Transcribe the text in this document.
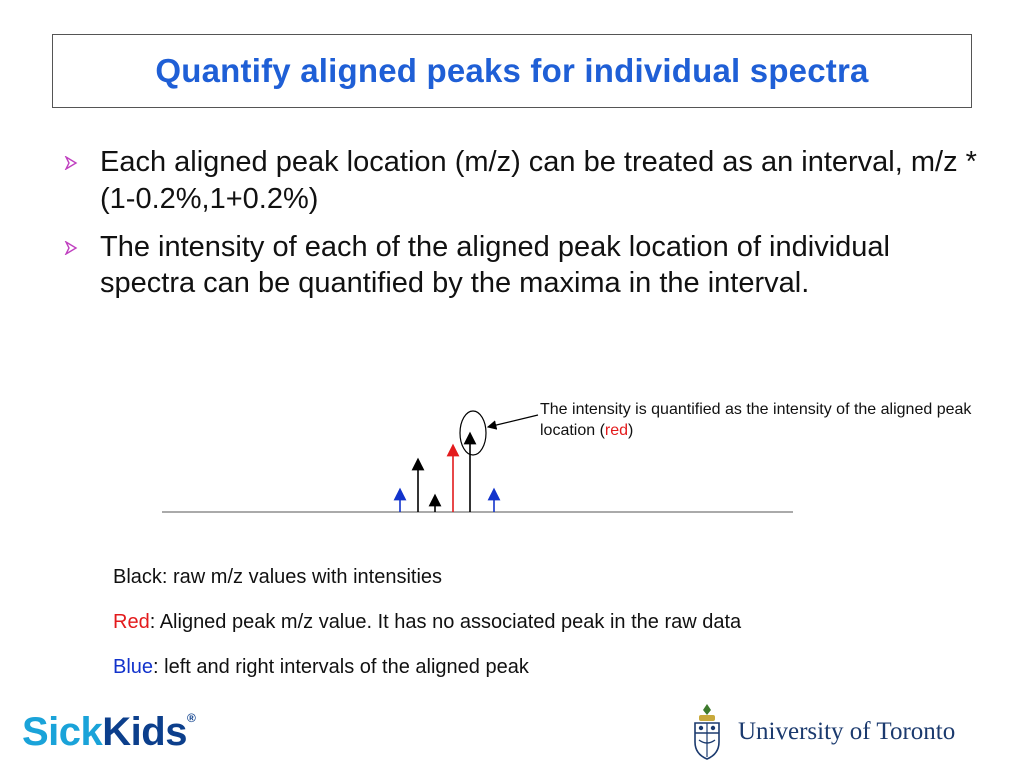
Quantify aligned peaks for individual spectra
Each aligned peak location (m/z) can be treated as an interval, m/z * (1-0.2%,1+0.2%)
The intensity of each of the aligned peak location of individual spectra can be quantified by the maxima in the interval.
The intensity is quantified as the intensity of the aligned peak location (red)
Black: raw m/z values with intensities
Red: Aligned peak m/z value. It has no associated peak in the raw data
Blue: left and right intervals of the aligned peak
SickKids®	University of Toronto
